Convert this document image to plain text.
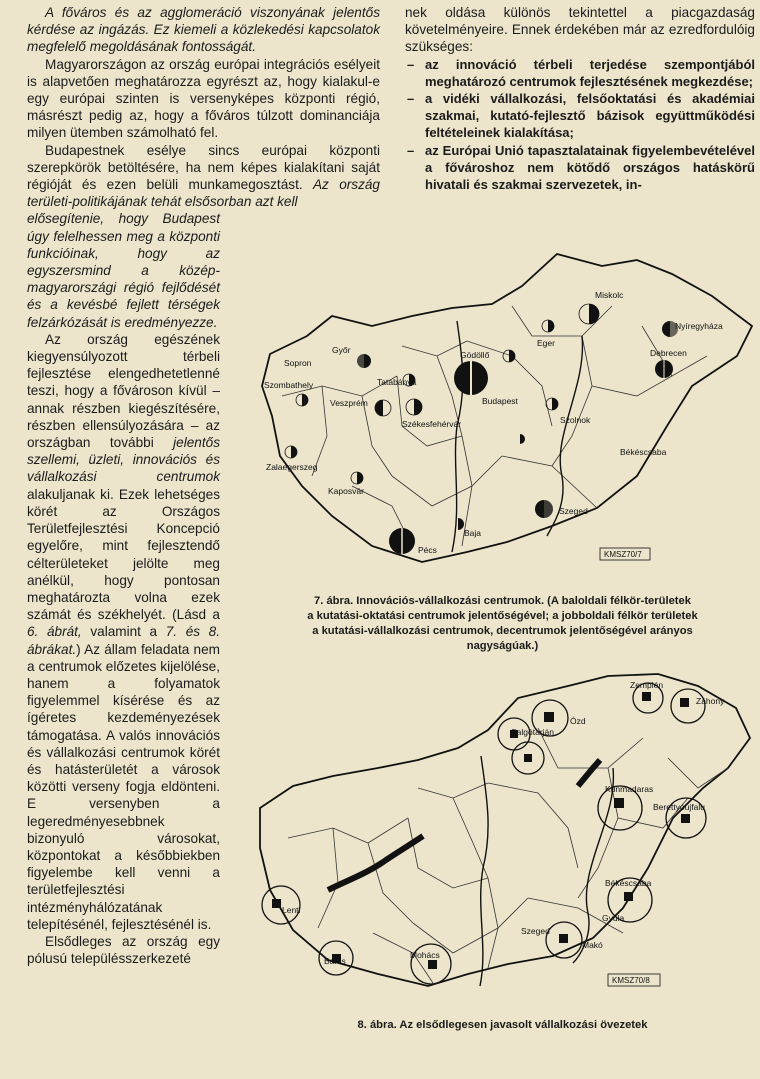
A főváros és az agglomeráció viszonyának jelentős kérdése az ingázás. Ez kiemeli a közlekedési kapcsolatok megfelelő megoldásának fontosságát.

Magyarországon az ország európai integrációs esélyeit is alapvetően meghatározza egyrészt az, hogy kialakul-e egy európai szinten is versenyképes központi régió, másrészt pedig az, hogy a főváros túlzott dominanciája milyen ütemben számolható fel.

Budapestnek esélye sincs európai központi szerepkörök betöltésére, ha nem képes kialakítani saját régióját és ezen belüli munkamegosztást. Az ország területi-politikájának tehát elsősorban azt kell

elősegítenie, hogy Budapest úgy felelhessen meg a központi funkcióinak, hogy az egyszersmind a közép-magyarországi régió fejlődését és a kevésbé fejlett térségek felzárkózását is eredményezze.

Az ország egészének kiegyensúlyozott térbeli fejlesztése elengedhetetlenné teszi, hogy a fővároson kívül – annak részben kiegészítésére, részben ellensúlyozására – az országban további jelentős szellemi, üzleti, innovációs és vállalkozási centrumok alakuljanak ki. Ezek lehetséges körét az Országos Területfejlesztési Koncepció egyelőre, mint fejlesztendő célterületeket jelölte meg anélkül, hogy pontosan meghatározta volna ezek számát és székhelyét. (Lásd a 6. ábrát, valamint a 7. és 8. ábrákat.) Az állam feladata nem a centrumok előzetes kijelölése, hanem a folyamatok figyelemmel kísérése és az ígéretes kezdeményezések támogatása. A valós innovációs és vállalkozási centrumok körét és hatásterületét a városok közötti verseny fogja eldönteni. E versenyben a legeredményesebbnek bizonyuló városokat, központokat a későbbiekben figyelembe kell venni a területfejlesztési intézményhálózatának telepítésénél, fejlesztésénél is.

Elsődleges az ország egy pólusú településszerkezeté

nek oldása különös tekintettel a piacgazdaság követelményeire. Ennek érdekében már az ezredfordulóig szükséges:

– az innováció térbeli terjedése szempontjából meghatározó centrumok fejlesztésének megkezdése;
– a vidéki vállalkozási, felsőoktatási és akadémiai szakmai, kutató-fejlesztő bázisok együttműködési feltételeinek kialakítása;
– az Európai Unió tapasztalatainak figyelembevételével a fővároshoz nem kötődő országos hatáskörű hivatali és szakmai szervezetek, in-
Miskolc
Nyíregyháza
Eger
Debrecen
Győr
Sopron
Gödöllő
Tatabánya
Szombathely
Budapest
Veszprém
Székesfehérvár	Szolnok
Zalaegerszeg
Békéscsaba
Kaposvár
Szeged
Baja
Pécs	KMSZ70/7
7. ábra. Innovációs-vállalkozási centrumok. (A baloldali félkör-területek
a kutatási-oktatási centrumok jelentőségével; a jobboldali félkör területek
a kutatási-vállalkozási centrumok, decentrumok jelentőségével arányos
nagyságúak.)
Zemplén
Záhony
Ózd
Salgótarján
Kunmadaras
Berettyóújfalu
Békéscsaba
Lenti
Gyula
Szeged
Makó
Barcs
Mohács
KMSZ70/8
8. ábra. Az elsődlegesen javasolt vállalkozási övezetek
